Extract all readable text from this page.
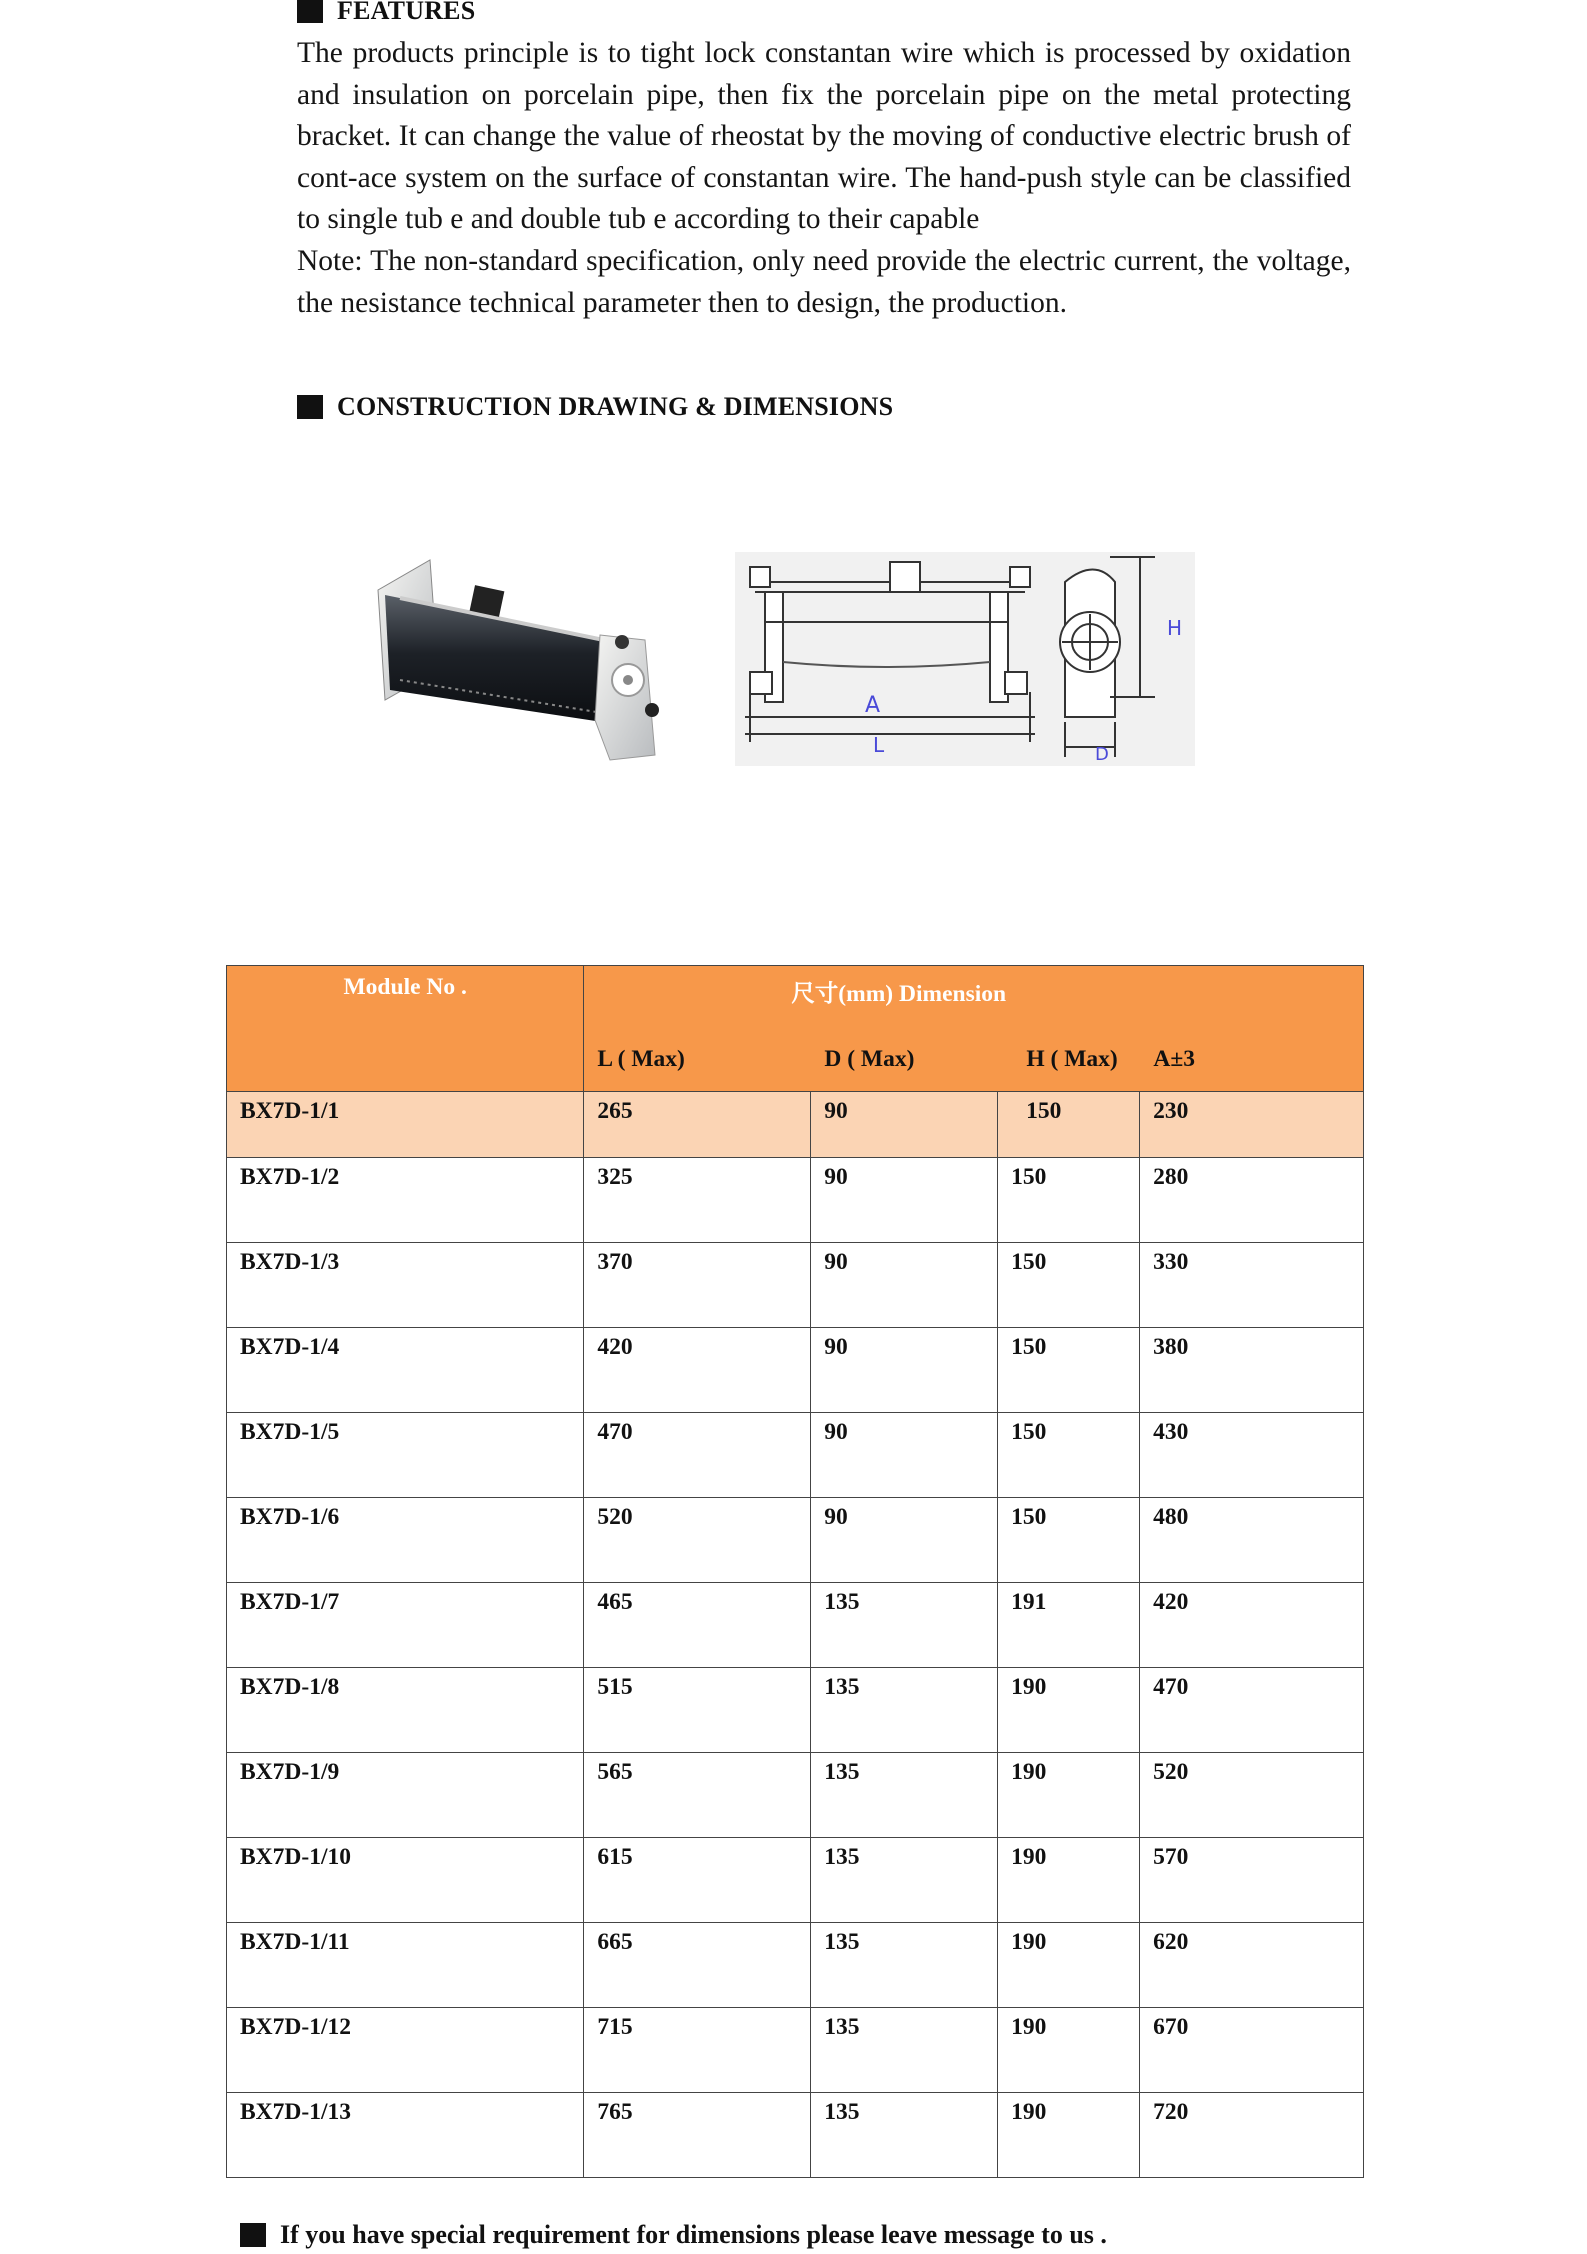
FEATURES

The products principle is to tight lock constantan wire which is processed by oxidation and insulation on porcelain pipe, then fix the porcelain pipe on the metal protecting bracket. It can change the value of rheostat by the moving of conductive electric brush of cont-ace system on the surface of constantan wire. The hand-push style can be classified to single tub e and double tub e according to their capable

Note: The non-standard specification, only need provide the electric current, the voltage, the nesistance technical parameter then to design, the production.

CONSTRUCTION DRAWING & DIMENSIONS
A
L
H
D
Module No .	尺寸(mm) Dimension
L ( Max) D ( Max) H ( Max) A±3			

BX7D-1/1	265	90	150	230
BX7D-1/2	325	90	150	280
BX7D-1/3	370	90	150	330
BX7D-1/4	420	90	150	380
BX7D-1/5	470	90	150	430
BX7D-1/6	520	90	150	480
BX7D-1/7	465	135	191	420
BX7D-1/8	515	135	190	470
BX7D-1/9	565	135	190	520
BX7D-1/10	615	135	190	570
BX7D-1/11	665	135	190	620
BX7D-1/12	715	135	190	670
BX7D-1/13	765	135	190	720
If you have special requirement for dimensions please leave message to us .
